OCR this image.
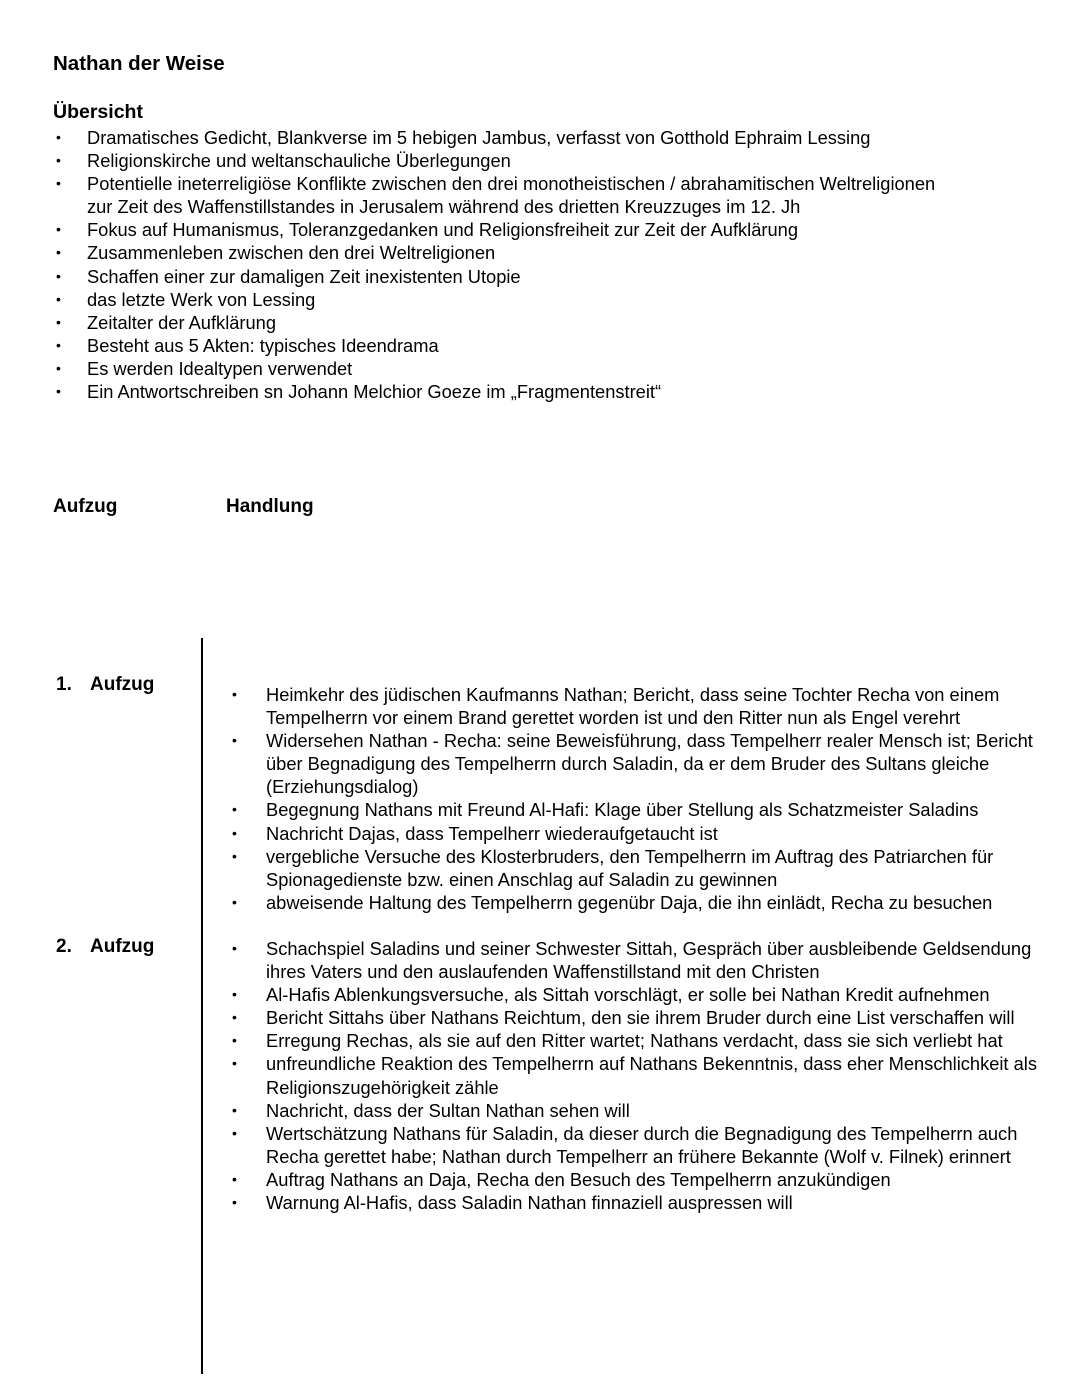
Nathan der Weise
Übersicht
• Dramatisches Gedicht, Blankverse im 5 hebigen Jambus, verfasst von Gotthold Ephraim Lessing
• Religionskirche und weltanschauliche Überlegungen
• Potentielle ineterreligiöse Konflikte zwischen den drei monotheistischen / abrahamitischen Weltreligionen zur Zeit des Waffenstillstandes in Jerusalem während des drietten Kreuzzuges im 12. Jh
• Fokus auf Humanismus, Toleranzgedanken und Religionsfreiheit zur Zeit der Aufklärung
• Zusammenleben zwischen den drei Weltreligionen
• Schaffen einer zur damaligen Zeit inexistenten Utopie
• das letzte Werk von Lessing
• Zeitalter der Aufklärung
• Besteht aus 5 Akten: typisches Ideendrama
• Es werden Idealtypen verwendet
• Ein Antwortschreiben sn Johann Melchior Goeze im „Fragmentenstreit“
Aufzug	Handlung
1. Aufzug	• Heimkehr des jüdischen Kaufmanns Nathan; Bericht, dass seine Tochter Recha von einem Tempelherrn vor einem Brand gerettet worden ist und den Ritter nun als Engel verehrt
• Widersehen Nathan - Recha: seine Beweisführung, dass Tempelherr realer Mensch ist; Bericht über Begnadigung des Tempelherrn durch Saladin, da er dem Bruder des Sultans gleiche (Erziehungsdialog)
• Begegnung Nathans mit Freund Al-Hafi: Klage über Stellung als Schatzmeister Saladins
• Nachricht Dajas, dass Tempelherr wiederaufgetaucht ist
• vergebliche Versuche des Klosterbruders, den Tempelherrn im Auftrag des Patriarchen für Spionagedienste bzw. einen Anschlag auf Saladin zu gewinnen
• abweisende Haltung des Tempelherrn gegenübr Daja, die ihn einlädt, Recha zu besuchen
2. Aufzug	• Schachspiel Saladins und seiner Schwester Sittah, Gespräch über ausbleibende Geldsendung ihres Vaters und den auslaufenden Waffenstillstand mit den Christen
• Al-Hafis Ablenkungsversuche, als Sittah vorschlägt, er solle bei Nathan Kredit aufnehmen
• Bericht Sittahs über Nathans Reichtum, den sie ihrem Bruder durch eine List verschaffen will
• Erregung Rechas, als sie auf den Ritter wartet; Nathans verdacht, dass sie sich verliebt hat
• unfreundliche Reaktion des Tempelherrn auf Nathans Bekenntnis, dass eher Menschlichkeit als Religionszugehörigkeit zähle
• Nachricht, dass der Sultan Nathan sehen will
• Wertschätzung Nathans für Saladin, da dieser durch die Begnadigung des Tempelherrn auch Recha gerettet habe; Nathan durch Tempelherr an frühere Bekannte (Wolf v. Filnek) erinnert
• Auftrag Nathans an Daja, Recha den Besuch des Tempelherrn anzukündigen
• Warnung Al-Hafis, dass Saladin Nathan finnaziell auspressen will
